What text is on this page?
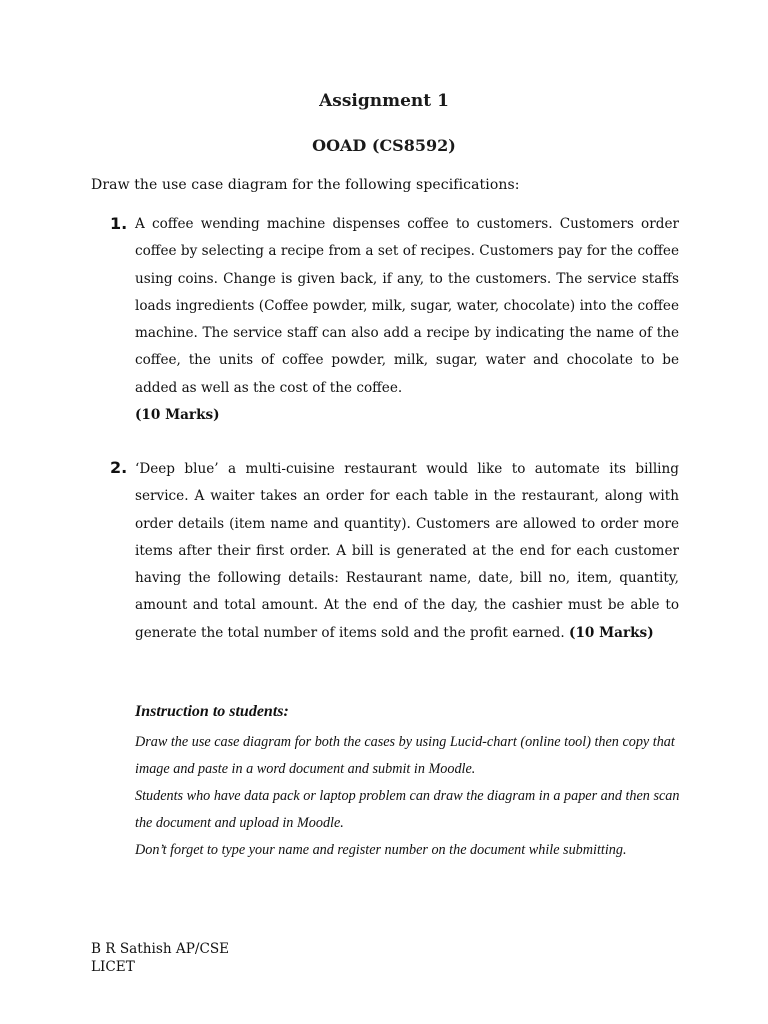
Assignment 1
OOAD (CS8592)
Draw the use case diagram for the following specifications:
1. A coffee wending machine dispenses coffee to customers. Customers order coffee by selecting a recipe from a set of recipes. Customers pay for the coffee using coins. Change is given back, if any, to the customers. The service staffs loads ingredients (Coffee powder, milk, sugar, water, chocolate) into the coffee machine. The service staff can also add a recipe by indicating the name of the coffee, the units of coffee powder, milk, sugar, water and chocolate to be added as well as the cost of the coffee.
(10 Marks)
2. ‘Deep blue’ a multi-cuisine restaurant would like to automate its billing service. A waiter takes an order for each table in the restaurant, along with order details (item name and quantity). Customers are allowed to order more items after their first order. A bill is generated at the end for each customer having the following details: Restaurant name, date, bill no, item, quantity, amount and total amount. At the end of the day, the cashier must be able to generate the total number of items sold and the profit earned. (10 Marks)
Instruction to students:
Draw the use case diagram for both the cases by using Lucid-chart (online tool) then copy that image and paste in a word document and submit in Moodle.
Students who have data pack or laptop problem can draw the diagram in a paper and then scan the document and upload in Moodle.
Don’t forget to type your name and register number on the document while submitting.
B R Sathish AP/CSE
LICET
